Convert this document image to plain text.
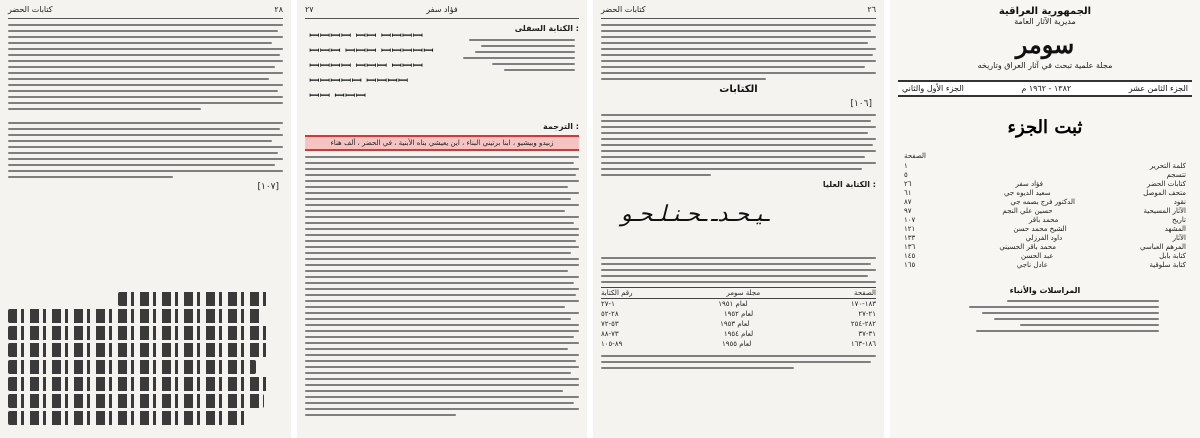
كتابات الحضر	٢٨
[١٠٧]
٢٧	فؤاد سفر
الكتابة السفلى :
ꟷꟷꟷꟷ ꟷꟷ ꟷꟷꟷꟷ
ꟷꟷꟷ ꟷꟷꟷ ꟷꟷꟷꟷꟷ
ꟷꟷꟷꟷ ꟷꟷꟷ ꟷꟷꟷ
ꟷꟷꟷꟷꟷ ꟷꟷꟷꟷ
ꟷꟷ ꟷꟷꟷ
الترجمة :
زبيدو وبيشيو ، ابنا برتيني البناء ، اين يعيشي بناه الأبنية ، في الحضر ، ألف هناء
كتابات الحضر	٢٦
الكتابات
[١٠٦]
الكتابة العليا :
ـحـنـلـحـو ـيـحـدـ
رقم الكتابة	مجلة سومر	الصفحة
١-٢٧	لعام ١٩٥١	١٨٣-١٧٠
٢٨-٥٢	لعام ١٩٥٢	٢١-٢٧
٥٣-٧٢	لعام ١٩٥٣	٢٨٢-٢٥٤
٧٣-٨٨	لعام ١٩٥٤	٣١-٣٧
٨٩-١٠٥	لعام ١٩٥٥	١٨٦-١٦٣
الجمهورية العراقية
مديرية الآثار العامة
سومر
مجلة علمية تبحث في آثار العراق وتاريخه
الجزء الأول والثاني	١٣٨٢ - ١٩٦٢ م	الجزء الثامن عشر
ثبت الجزء
الصفحة
١	كلمة التحرير
٥	تتسجم
٢٦	فؤاد سفر	كتابات الحضر
٦١	سعيد الديوه جي	متحف الموصل
٨٧	الدكتور فرج بصمه جي	نقود
٩٧	حسين علي النجم	الآثار المسيحية
١٠٧	محمد باقر	تاريخ
١٢١	الشيخ محمد حسن	المشهد
١٣٣	داود الفرزلي	الآثار
١٣٦	محمد باقر الحسيني	المرهم العباسي
١٤٥	عبد الحسن	كتابة بابل
١٦٥	عادل ناجي	كتابة سلوقية
المراسلات والأنباء
